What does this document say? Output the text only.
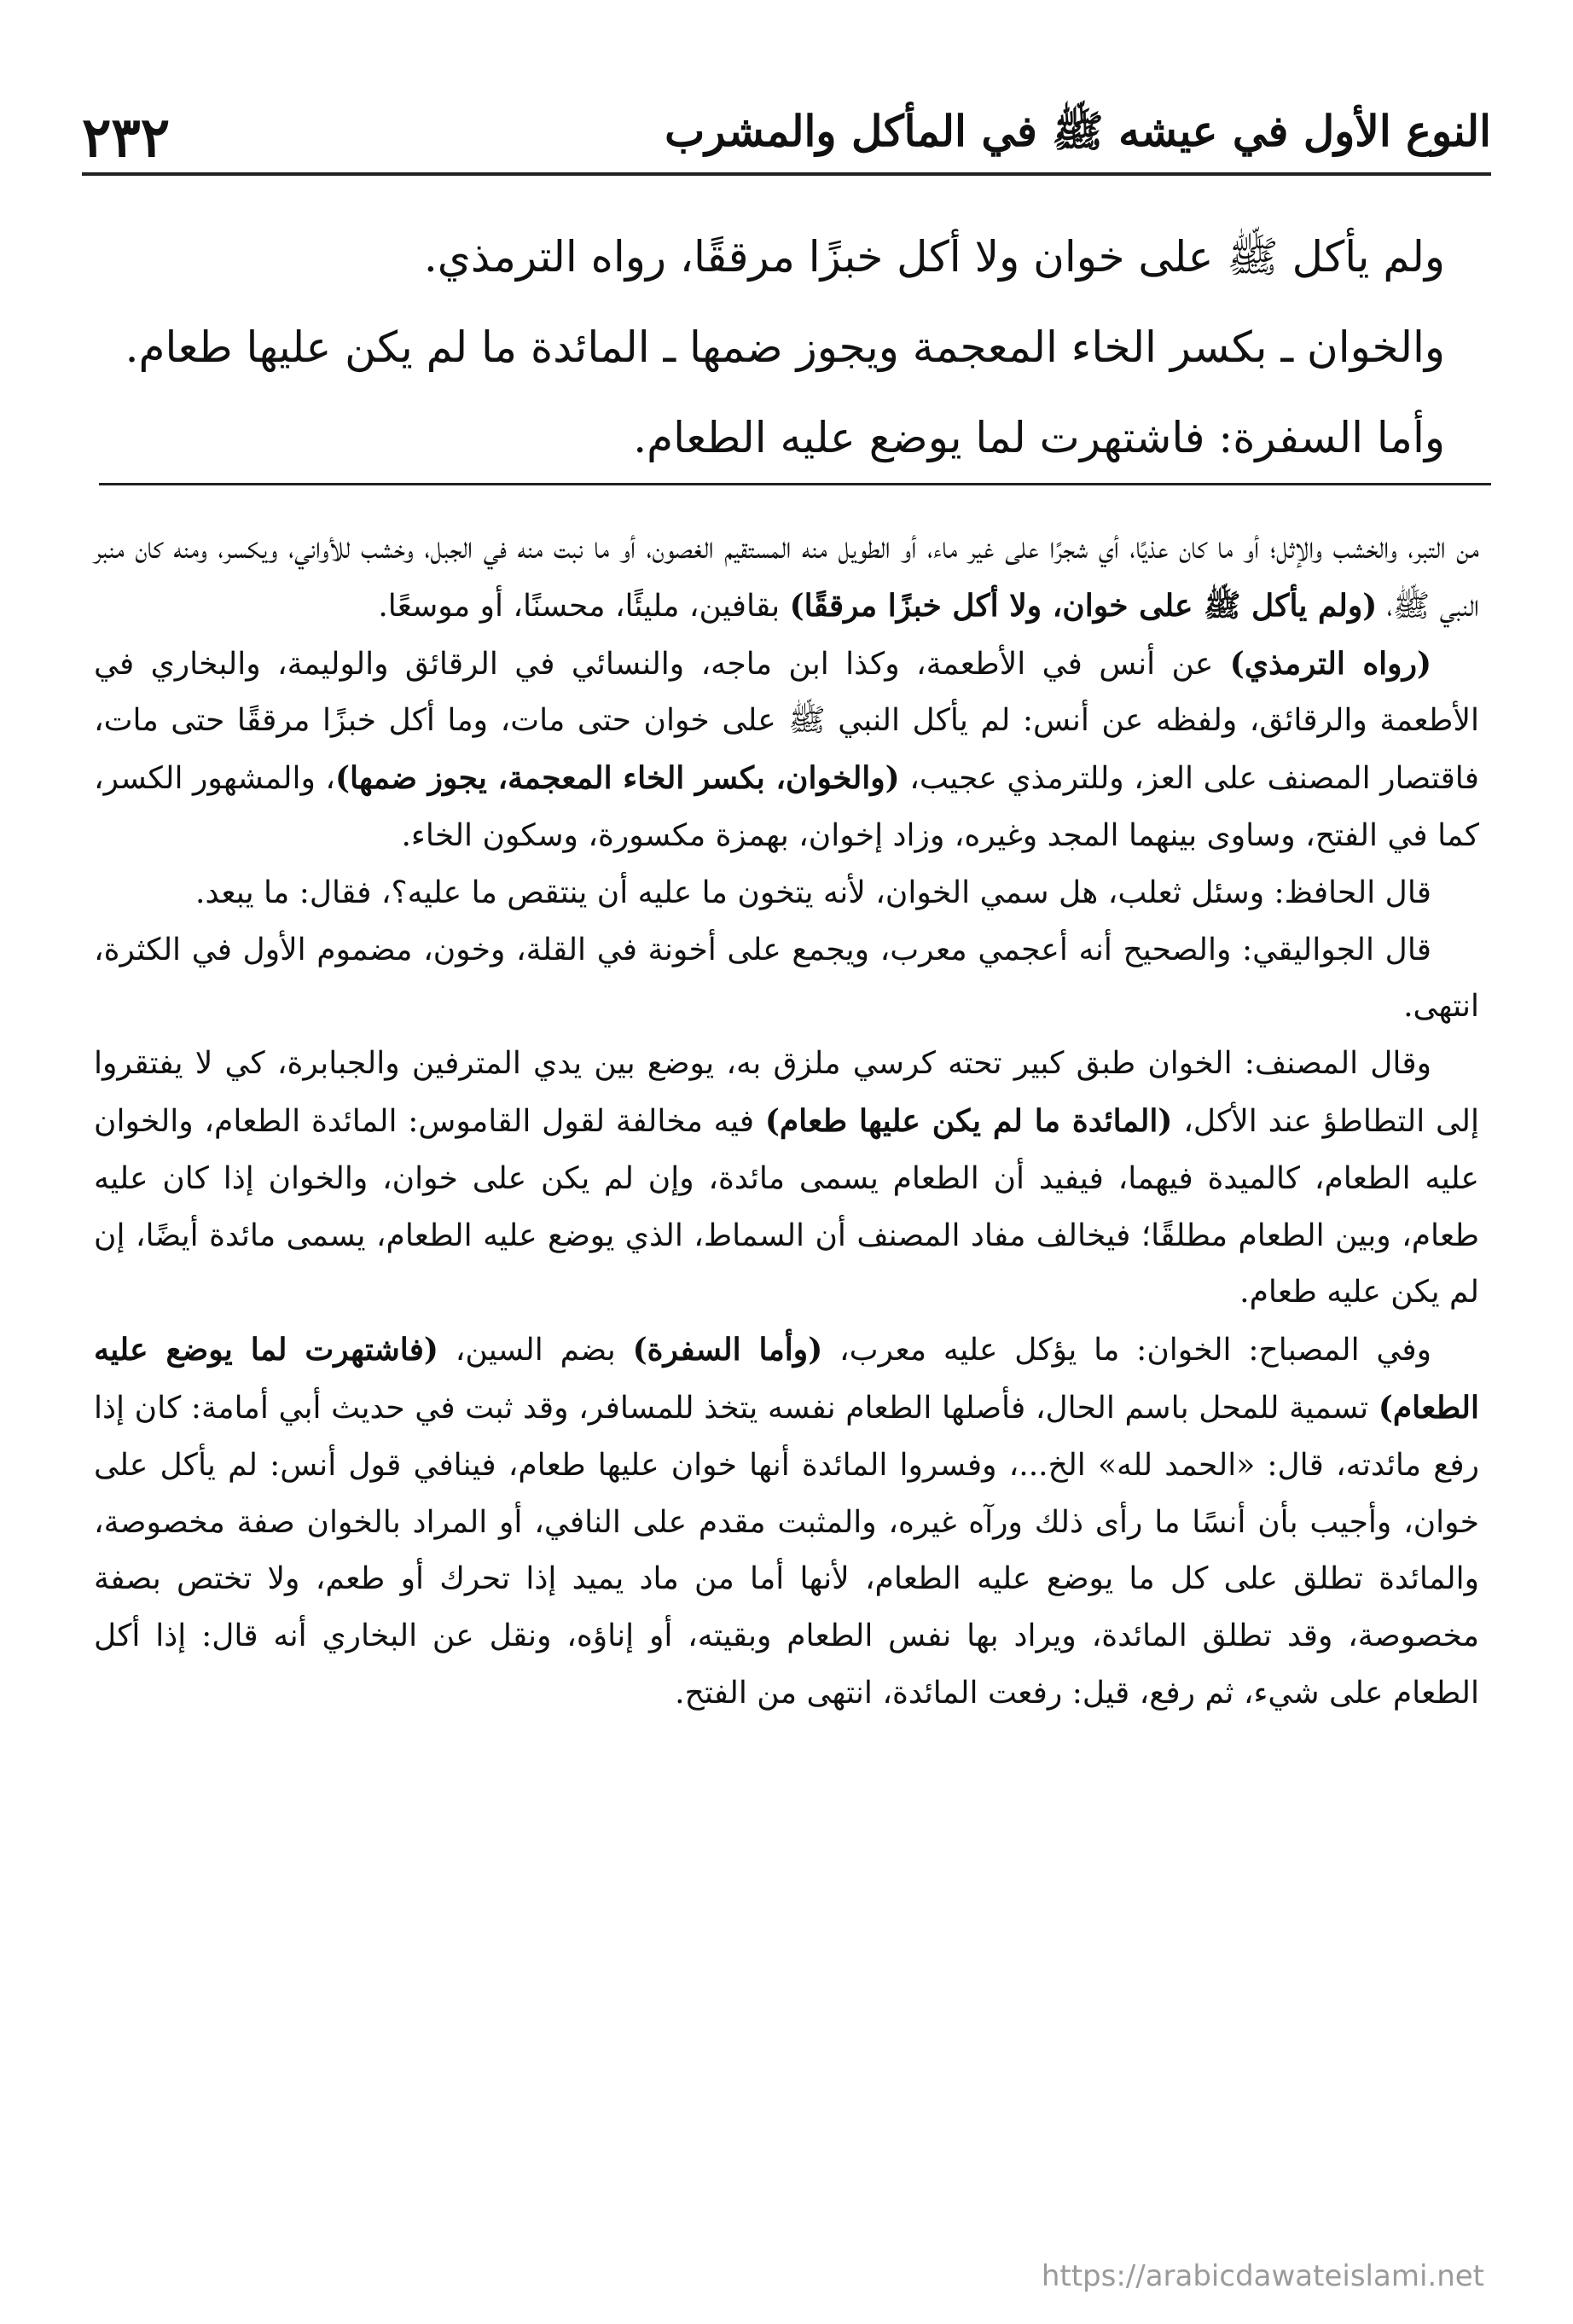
النوع الأول في عيشه ﷺ في المأكل والمشرب
٢٣٢

ولم يأكل ﷺ على خوان ولا أكل خبزًا مرققًا، رواه الترمذي.

والخوان ـ بكسر الخاء المعجمة ويجوز ضمها ـ المائدة ما لم يكن عليها طعام.

وأما السفرة: فاشتهرت لما يوضع عليه الطعام.

من التبر، والخشب والإثل؛ أو ما كان عذيًا، أي شجرًا على غير ماء، أو الطويل منه المستقيم الغصون، أو ما نبت منه في الجبل، وخشب للأواني، ويكسر، ومنه كان منبر النبي ﷺ، (ولم يأكل ﷺ على خوان، ولا أكل خبزًا مرققًا) بقافين، مليئًا، محسنًا، أو موسعًا.

(رواه الترمذي) عن أنس في الأطعمة، وكذا ابن ماجه، والنسائي في الرقائق والوليمة، والبخاري في الأطعمة والرقائق، ولفظه عن أنس: لم يأكل النبي ﷺ على خوان حتى مات، وما أكل خبزًا مرققًا حتى مات، فاقتصار المصنف على العز، وللترمذي عجيب، (والخوان، بكسر الخاء المعجمة، يجوز ضمها)، والمشهور الكسر، كما في الفتح، وساوى بينهما المجد وغيره، وزاد إخوان، بهمزة مكسورة، وسكون الخاء.

قال الحافظ: وسئل ثعلب، هل سمي الخوان، لأنه يتخون ما عليه أن ينتقص ما عليه؟، فقال: ما يبعد.

قال الجواليقي: والصحيح أنه أعجمي معرب، ويجمع على أخونة في القلة، وخون، مضموم الأول في الكثرة، انتهى.

وقال المصنف: الخوان طبق كبير تحته كرسي ملزق به، يوضع بين يدي المترفين والجبابرة، كي لا يفتقروا إلى التطاطؤ عند الأكل، (المائدة ما لم يكن عليها طعام) فيه مخالفة لقول القاموس: المائدة الطعام، والخوان عليه الطعام، كالميدة فيهما، فيفيد أن الطعام يسمى مائدة، وإن لم يكن على خوان، والخوان إذا كان عليه طعام، وبين الطعام مطلقًا؛ فيخالف مفاد المصنف أن السماط، الذي يوضع عليه الطعام، يسمى مائدة أيضًا، إن لم يكن عليه طعام.

وفي المصباح: الخوان: ما يؤكل عليه معرب، (وأما السفرة) بضم السين، (فاشتهرت لما يوضع عليه الطعام) تسمية للمحل باسم الحال، فأصلها الطعام نفسه يتخذ للمسافر، وقد ثبت في حديث أبي أمامة: كان إذا رفع مائدته، قال: «الحمد لله» الخ...، وفسروا المائدة أنها خوان عليها طعام، فينافي قول أنس: لم يأكل على خوان، وأجيب بأن أنسًا ما رأى ذلك ورآه غيره، والمثبت مقدم على النافي، أو المراد بالخوان صفة مخصوصة، والمائدة تطلق على كل ما يوضع عليه الطعام، لأنها أما من ماد يميد إذا تحرك أو طعم، ولا تختص بصفة مخصوصة، وقد تطلق المائدة، ويراد بها نفس الطعام وبقيته، أو إناؤه، ونقل عن البخاري أنه قال: إذا أكل الطعام على شيء، ثم رفع، قيل: رفعت المائدة، انتهى من الفتح.

https://arabicdawateislami.net
